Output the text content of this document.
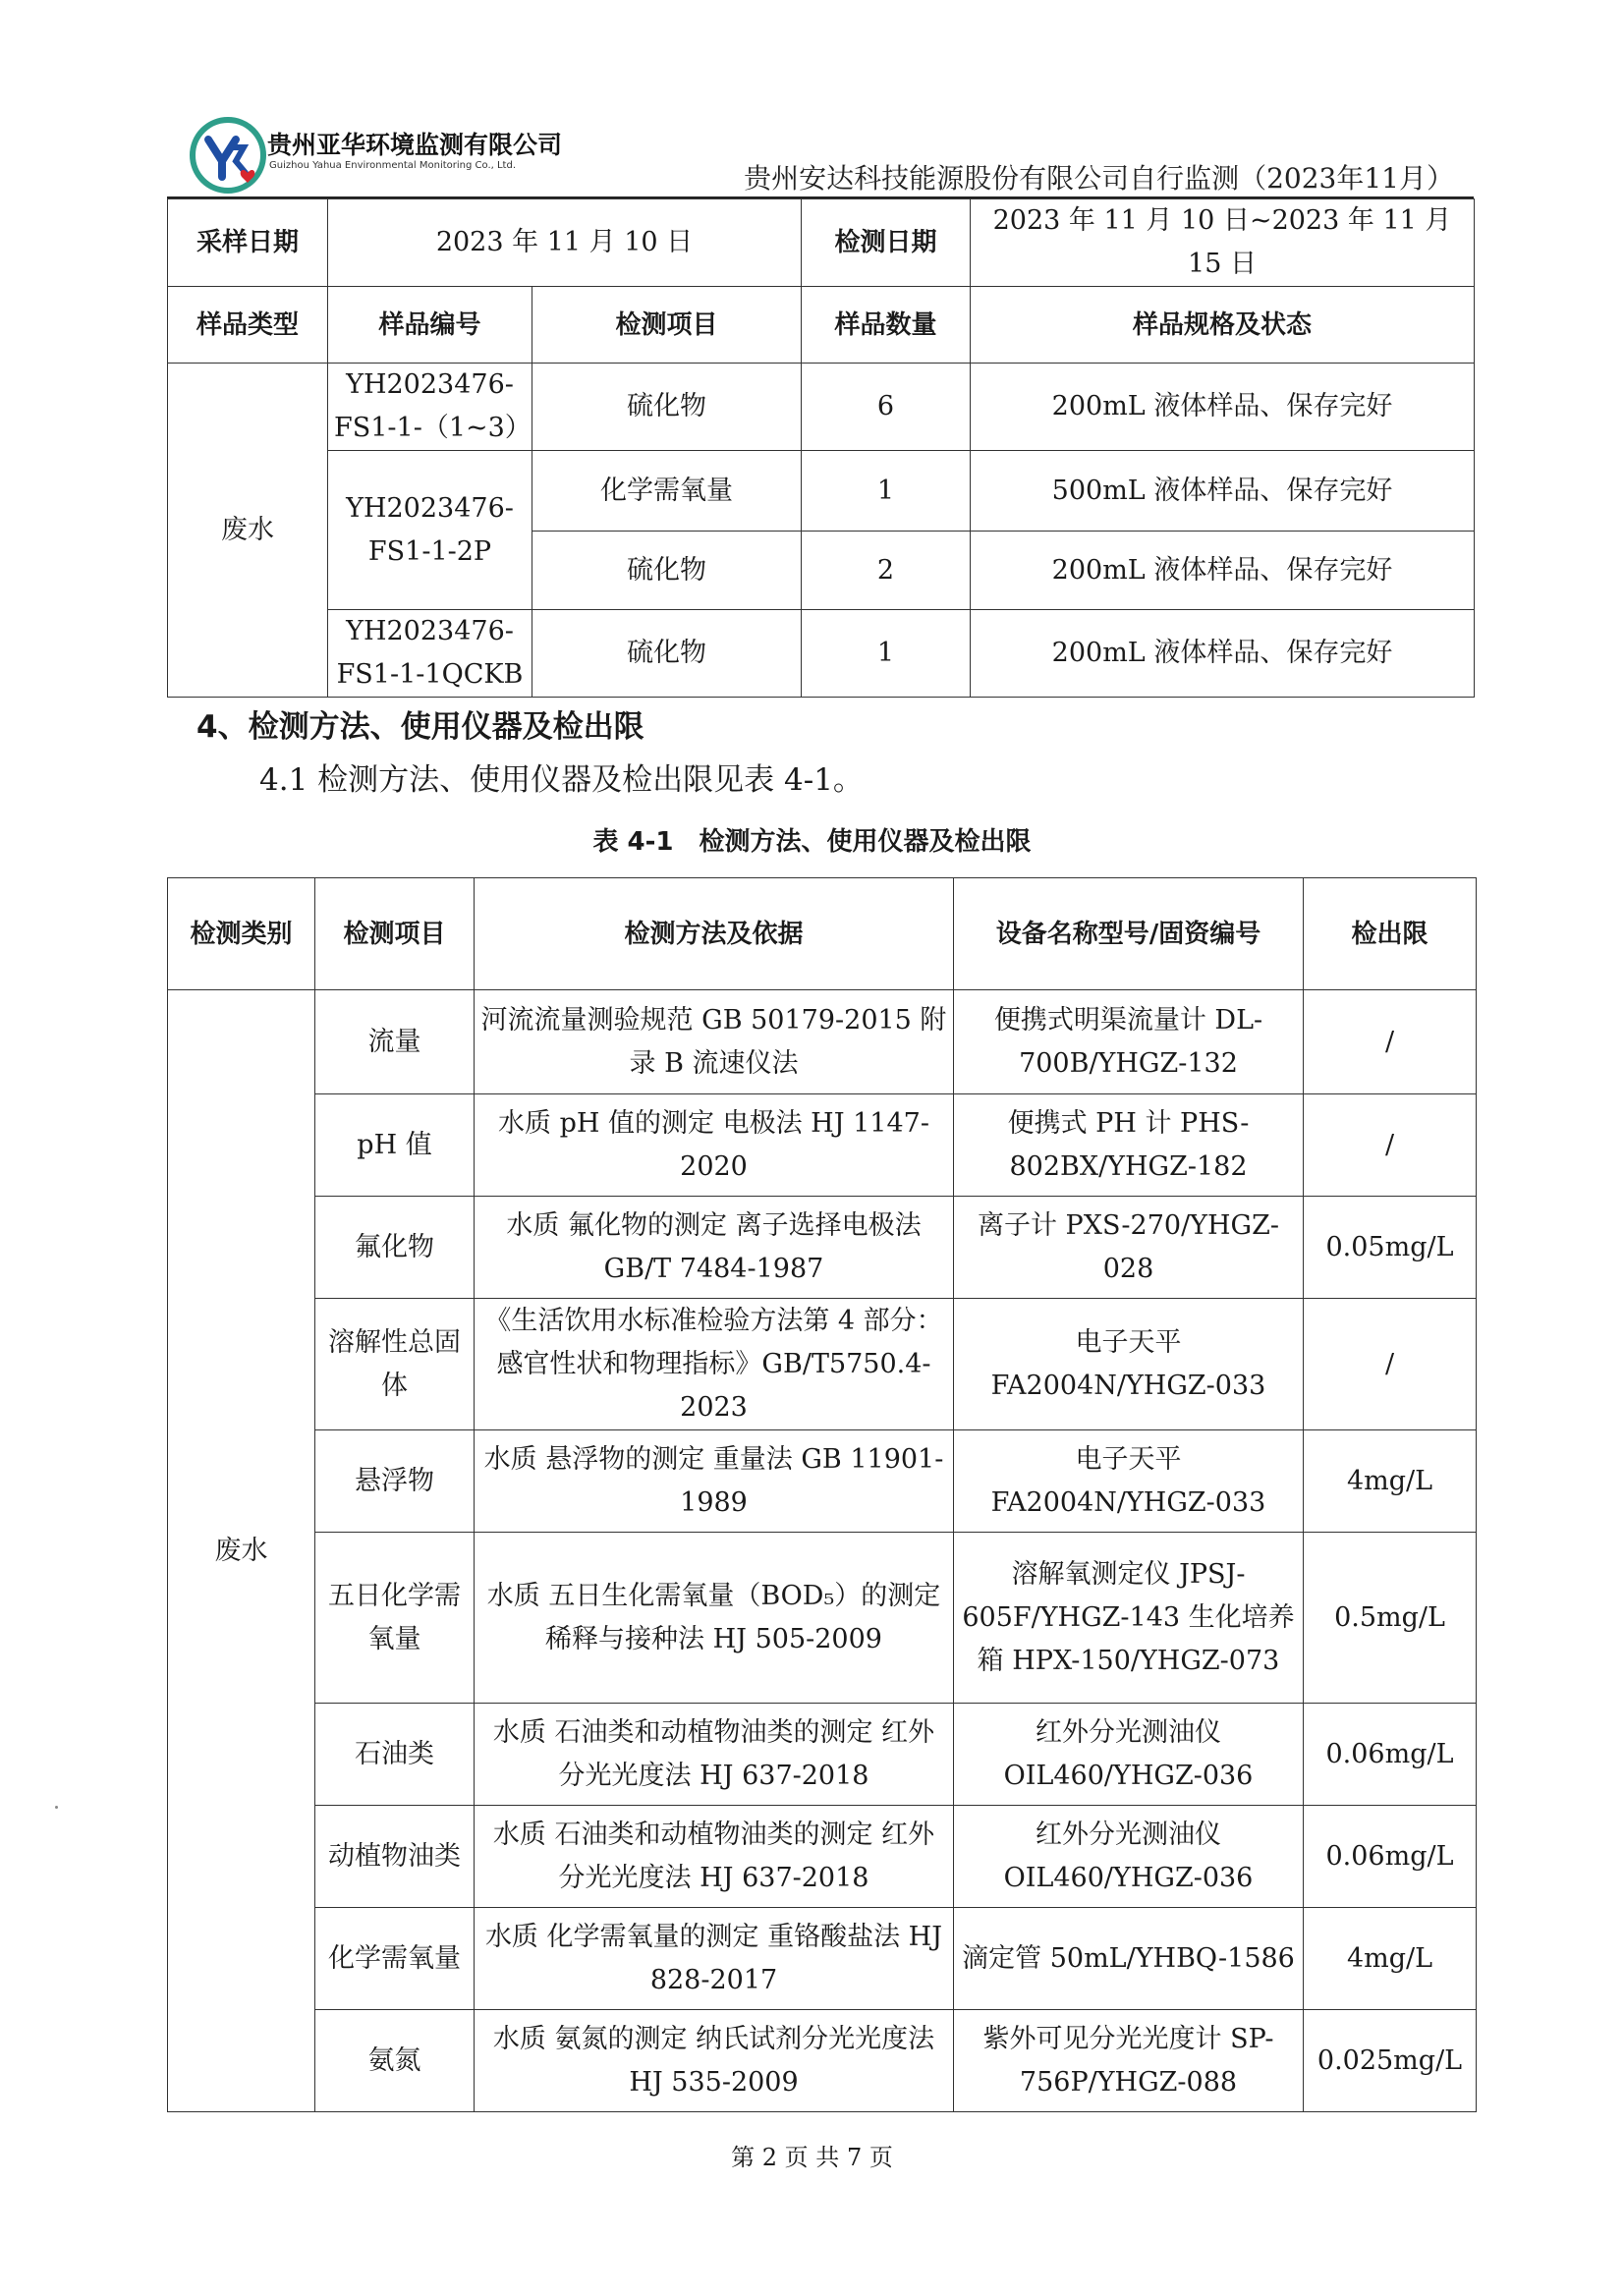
贵州亚华环境监测有限公司
Guizhou Yahua Environmental Monitoring Co., Ltd.	贵州安达科技能源股份有限公司自行监测（2023年11月）
采样日期	2023 年 11 月 10 日		检测日期	2023 年 11 月 10 日~2023 年 11 月 15 日
样品类型	样品编号	检测项目	样品数量	样品规格及状态
废水	YH2023476-FS1-1-（1~3）	硫化物	6	200mL 液体样品、保存完好
	YH2023476-FS1-1-2P	化学需氧量	1	500mL 液体样品、保存完好
		硫化物	2	200mL 液体样品、保存完好
	YH2023476-FS1-1-1QCKB	硫化物	1	200mL 液体样品、保存完好
4、检测方法、使用仪器及检出限
4.1 检测方法、使用仪器及检出限见表 4-1。
表 4-1　检测方法、使用仪器及检出限
检测类别	检测项目	检测方法及依据	设备名称型号/固资编号	检出限
废水	流量	河流流量测验规范 GB 50179-2015 附录 B 流速仪法	便携式明渠流量计 DL-700B/YHGZ-132	/
	pH 值	水质 pH 值的测定 电极法 HJ 1147-2020	便携式 PH 计 PHS-802BX/YHGZ-182	/
	氟化物	水质 氟化物的测定 离子选择电极法 GB/T 7484-1987	离子计 PXS-270/YHGZ-028	0.05mg/L
	溶解性总固体	《生活饮用水标准检验方法第 4 部分：感官性状和物理指标》GB/T5750.4-2023	电子天平 FA2004N/YHGZ-033	/
	悬浮物	水质 悬浮物的测定 重量法 GB 11901-1989	电子天平 FA2004N/YHGZ-033	4mg/L
	五日化学需氧量	水质 五日生化需氧量（BOD₅）的测定 稀释与接种法 HJ 505-2009	溶解氧测定仪 JPSJ-605F/YHGZ-143 生化培养箱 HPX-150/YHGZ-073	0.5mg/L
	石油类	水质 石油类和动植物油类的测定 红外分光光度法 HJ 637-2018	红外分光测油仪 OIL460/YHGZ-036	0.06mg/L
	动植物油类	水质 石油类和动植物油类的测定 红外分光光度法 HJ 637-2018	红外分光测油仪 OIL460/YHGZ-036	0.06mg/L
	化学需氧量	水质 化学需氧量的测定 重铬酸盐法 HJ 828-2017	滴定管 50mL/YHBQ-1586	4mg/L
	氨氮	水质 氨氮的测定 纳氏试剂分光光度法 HJ 535-2009	紫外可见分光光度计 SP-756P/YHGZ-088	0.025mg/L
第 2 页 共 7 页
